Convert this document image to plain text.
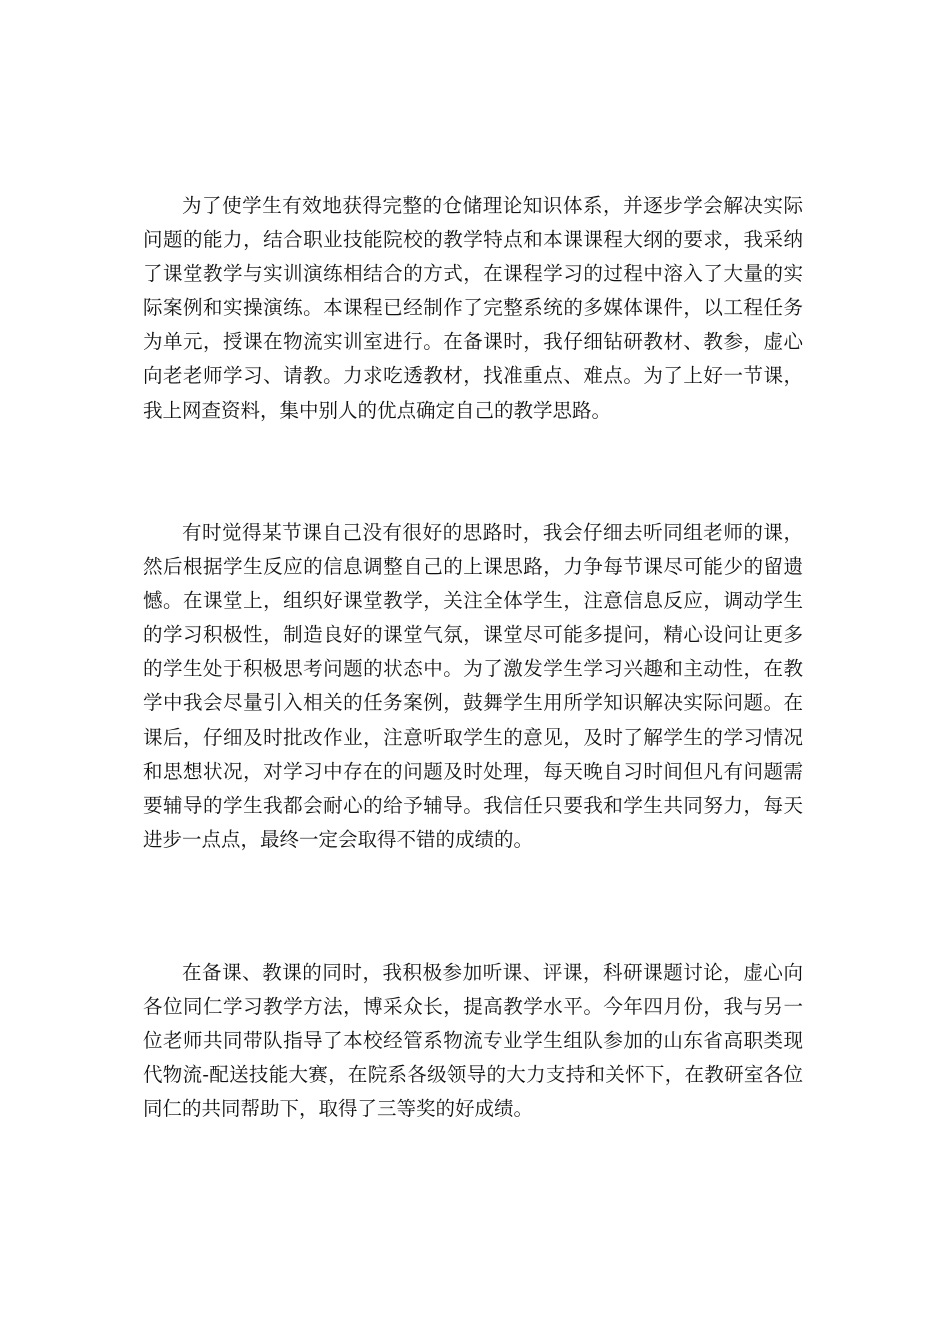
为了使学生有效地获得完整的仓储理论知识体系，并逐步学会解决实际问题的能力，结合职业技能院校的教学特点和本课课程大纲的要求，我采纳了课堂教学与实训演练相结合的方式，在课程学习的过程中溶入了大量的实际案例和实操演练。本课程已经制作了完整系统的多媒体课件，以工程任务为单元，授课在物流实训室进行。在备课时，我仔细钻研教材、教参，虚心向老老师学习、请教。力求吃透教材，找准重点、难点。为了上好一节课，我上网查资料，集中别人的优点确定自己的教学思路。

有时觉得某节课自己没有很好的思路时，我会仔细去听同组老师的课，然后根据学生反应的信息调整自己的上课思路，力争每节课尽可能少的留遗憾。在课堂上，组织好课堂教学，关注全体学生，注意信息反应，调动学生的学习积极性，制造良好的课堂气氛，课堂尽可能多提问，精心设问让更多的学生处于积极思考问题的状态中。为了激发学生学习兴趣和主动性，在教学中我会尽量引入相关的任务案例，鼓舞学生用所学知识解决实际问题。在课后，仔细及时批改作业，注意听取学生的意见，及时了解学生的学习情况和思想状况，对学习中存在的问题及时处理，每天晚自习时间但凡有问题需要辅导的学生我都会耐心的给予辅导。我信任只要我和学生共同努力，每天进步一点点，最终一定会取得不错的成绩的。

在备课、教课的同时，我积极参加听课、评课，科研课题讨论，虚心向各位同仁学习教学方法，博采众长，提高教学水平。今年四月份，我与另一位老师共同带队指导了本校经管系物流专业学生组队参加的山东省高职类现代物流-配送技能大赛，在院系各级领导的大力支持和关怀下，在教研室各位同仁的共同帮助下，取得了三等奖的好成绩。
